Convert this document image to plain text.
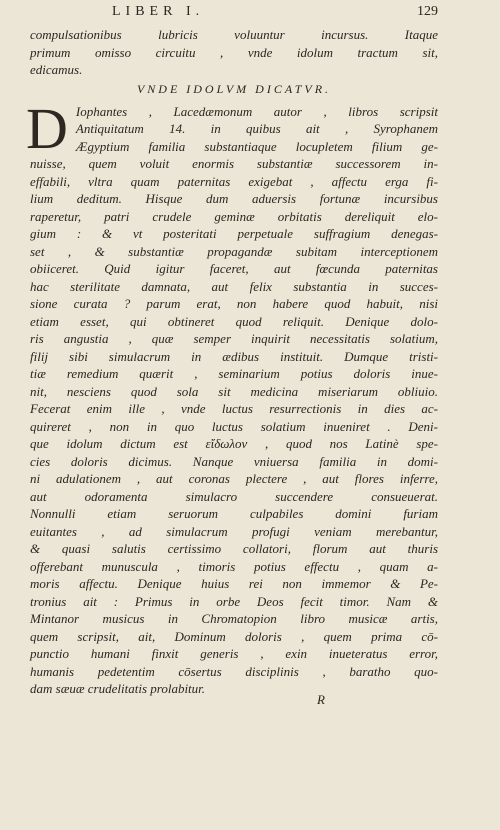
LIBER I.	129

compulsationibus lubricis voluuntur incursus. Itaque

primum omisso circuitu , vnde idolum tractum sit,

edicamus.

VNDE IDOLVM DICATVR.
D Iophantes , Lacedæmonum autor , libros scripsit
Antiquitatum 14. in quibus ait , Syrophanem
Ægyptium familia substantiaque locupletem filium ge-
nuisse, quem voluit enormis substantiæ successorem in-
effabili, vltra quam paternitas exigebat , affectu erga fi-
lium deditum. Hisque dum aduersis fortunæ incursibus
raperetur, patri crudele geminæ orbitatis dereliquit elo-
gium : & vt posteritati perpetuale suffragium denegas-
set , & substantiæ propagandæ subitam interceptionem
obiiceret. Quid igitur faceret, aut fœcunda paternitas
hac sterilitate damnata, aut felix substantia in succes-
sione curata ? parum erat, non habere quod habuit, nisi
etiam esset, qui obtineret quod reliquit. Denique dolo-
ris angustia , quæ semper inquirit necessitatis solatium,
filij sibi simulacrum in ædibus instituit. Dumque tristi-
tiæ remedium quærit , seminarium potius doloris inue-
nit, nesciens quod sola sit medicina miseriarum obliuio.
Fecerat enim ille , vnde luctus resurrectionis in dies ac-
quireret , non in quo luctus solatium inueniret . Deni-
que idolum dictum est εἴδωλον , quod nos Latinè spe-
cies doloris dicimus. Nanque vniuersa familia in domi-
ni adulationem , aut coronas plectere , aut flores inferre,
aut odoramenta simulacro succendere consueuerat.
Nonnulli etiam seruorum culpabiles domini furiam
euitantes , ad simulacrum profugi veniam merebantur,
& quasi salutis certissimo collatori, florum aut thuris
offerebant munuscula , timoris potius effectu , quam a-
moris affectu. Denique huius rei non immemor & Pe-
tronius ait : Primus in orbe Deos fecit timor. Nam &
Mintanor musicus in Chromatopion libro musicæ artis,
quem scripsit, ait, Dominum doloris , quem prima cō-
punctio humani finxit generis , exin inueteratus error,
humanis pedetentim cōsertus disciplinis , baratho quo-
dam sæuæ crudelitatis prolabitur.
R
